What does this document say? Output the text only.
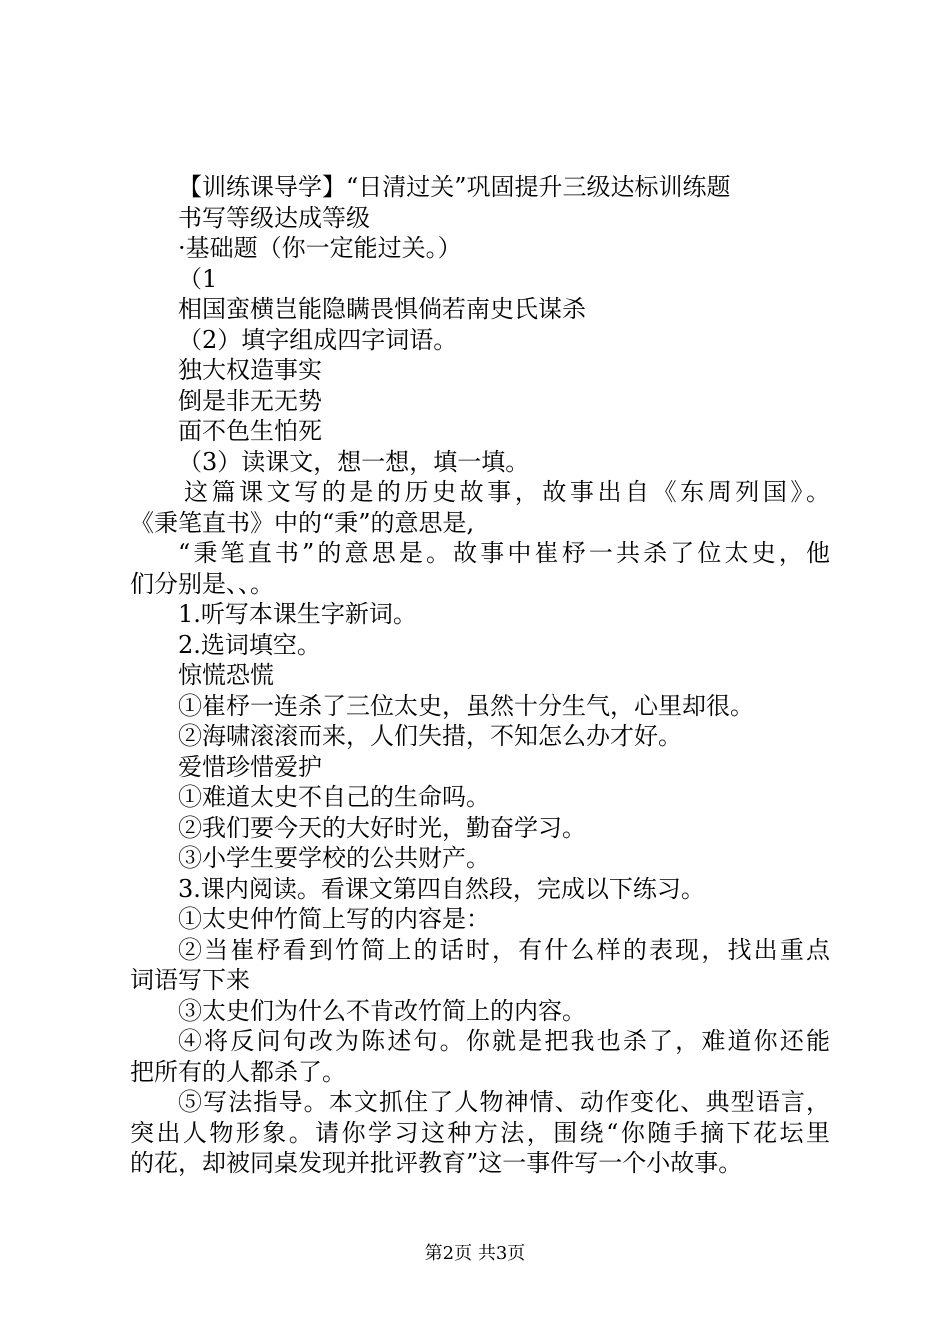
【训练课导学】“日清过关”巩固提升三级达标训练题
书写等级达成等级
·基础题（你一定能过关。）
（1
相国蛮横岂能隐瞒畏惧倘若南史氏谋杀
（2）填字组成四字词语。
独大权造事实
倒是非无无势
面不色生怕死
（3）读课文，想一想，填一填。
这篇课文写的是的历史故事，故事出自《东周列国》。
《秉笔直书》中的“秉”的意思是,
“秉笔直书”的意思是。故事中崔杼一共杀了位太史，他
们分别是、、。
1.听写本课生字新词。
2.选词填空。
惊慌恐慌
①崔杼一连杀了三位太史，虽然十分生气，心里却很。
②海啸滚滚而来，人们失措，不知怎么办才好。
爱惜珍惜爱护
①难道太史不自己的生命吗。
②我们要今天的大好时光，勤奋学习。
③小学生要学校的公共财产。
3.课内阅读。看课文第四自然段，完成以下练习。
①太史仲竹简上写的内容是：
②当崔杼看到竹简上的话时，有什么样的表现，找出重点
词语写下来
③太史们为什么不肯改竹简上的内容。
④将反问句改为陈述句。你就是把我也杀了，难道你还能
把所有的人都杀了。
⑤写法指导。本文抓住了人物神情、动作变化、典型语言，
突出人物形象。请你学习这种方法，围绕“你随手摘下花坛里
的花，却被同桌发现并批评教育”这一事件写一个小故事。
第2页 共3页
